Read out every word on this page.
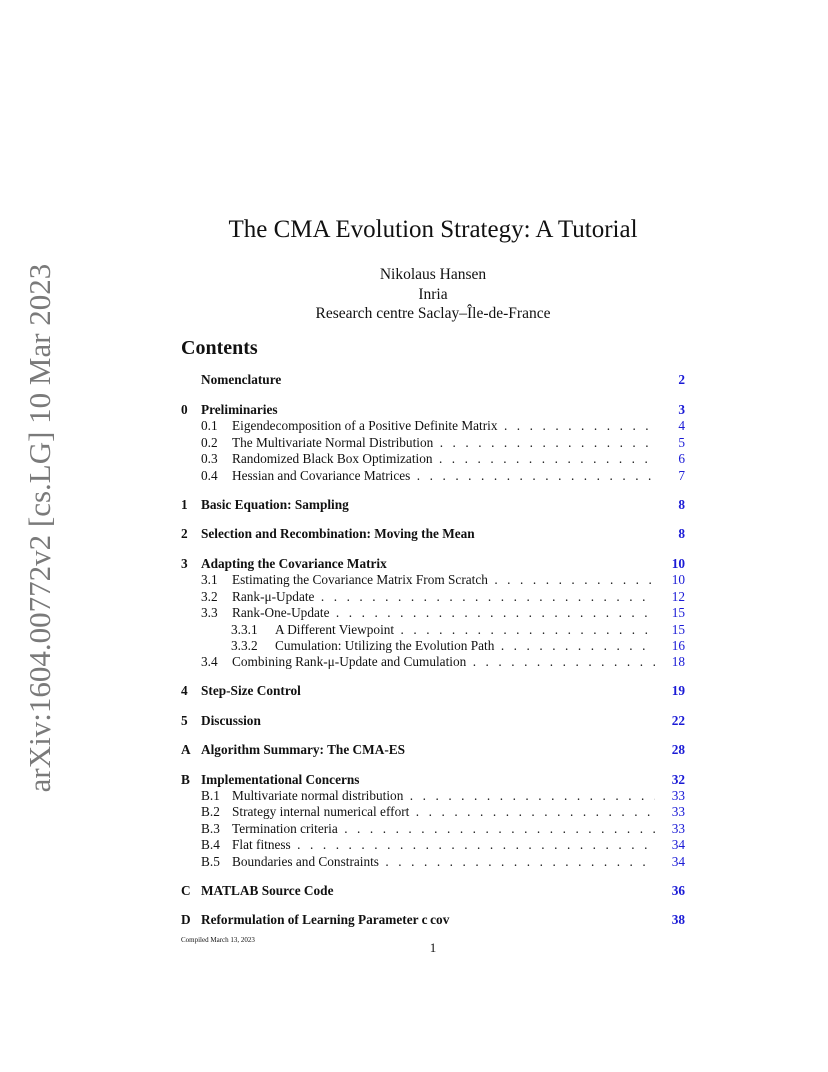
arXiv:1604.00772v2 [cs.LG] 10 Mar 2023
The CMA Evolution Strategy: A Tutorial
Nikolaus Hansen
Inria
Research centre Saclay–Île-de-France
Contents
Nomenclature	2
0 Preliminaries	3
0.1 Eigendecomposition of a Positive Definite Matrix . . .	4
0.2 The Multivariate Normal Distribution . . .	5
0.3 Randomized Black Box Optimization . . .	6
0.4 Hessian and Covariance Matrices . . .	7
1 Basic Equation: Sampling	8
2 Selection and Recombination: Moving the Mean	8
3 Adapting the Covariance Matrix	10
3.1 Estimating the Covariance Matrix From Scratch . . .	10
3.2 Rank-μ-Update . . .	12
3.3 Rank-One-Update . . .	15
3.3.1 A Different Viewpoint . . .	15
3.3.2 Cumulation: Utilizing the Evolution Path . . .	16
3.4 Combining Rank-μ-Update and Cumulation . . .	18
4 Step-Size Control	19
5 Discussion	22
A Algorithm Summary: The CMA-ES	28
B Implementational Concerns	32
B.1 Multivariate normal distribution . . .	33
B.2 Strategy internal numerical effort . . .	33
B.3 Termination criteria . . .	33
B.4 Flat fitness . . .	34
B.5 Boundaries and Constraints . . .	34
C MATLAB Source Code	36
D Reformulation of Learning Parameter c cov	38
Compiled March 13, 2023	1
